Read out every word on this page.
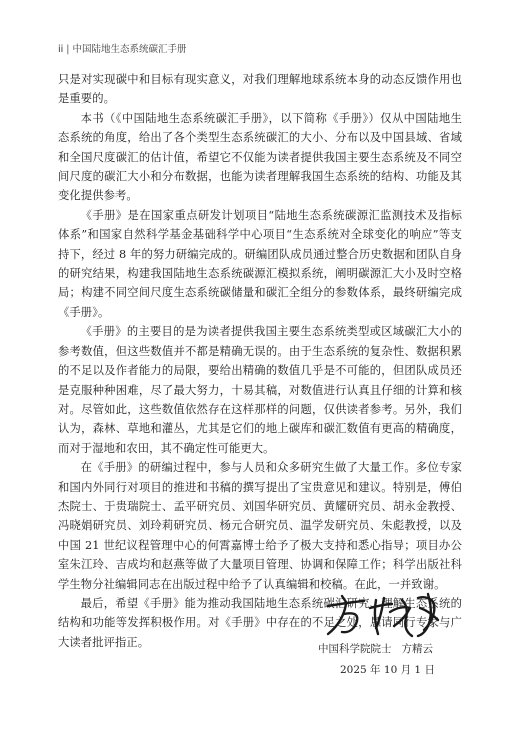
ii | 中国陆地生态系统碳汇手册

只是对实现碳中和目标有现实意义，对我们理解地球系统本身的动态反馈作用也是重要的。

本书（《中国陆地生态系统碳汇手册》，以下简称《手册》）仅从中国陆地生态系统的角度，给出了各个类型生态系统碳汇的大小、分布以及中国县域、省域和全国尺度碳汇的估计值，希望它不仅能为读者提供我国主要生态系统及不同空间尺度的碳汇大小和分布数据，也能为读者理解我国生态系统的结构、功能及其变化提供参考。

《手册》是在国家重点研发计划项目“陆地生态系统碳源汇监测技术及指标体系”和国家自然科学基金基础科学中心项目“生态系统对全球变化的响应”等支持下，经过 8 年的努力研编完成的。研编团队成员通过整合历史数据和团队自身的研究结果，构建我国陆地生态系统碳源汇模拟系统，阐明碳源汇大小及时空格局；构建不同空间尺度生态系统碳储量和碳汇全组分的参数体系，最终研编完成《手册》。

《手册》的主要目的是为读者提供我国主要生态系统类型或区域碳汇大小的参考数值，但这些数值并不都是精确无误的。由于生态系统的复杂性、数据积累的不足以及作者能力的局限，要给出精确的数值几乎是不可能的，但团队成员还是克服种种困难，尽了最大努力，十易其稿，对数值进行认真且仔细的计算和核对。尽管如此，这些数值依然存在这样那样的问题，仅供读者参考。另外，我们认为，森林、草地和灌丛，尤其是它们的地上碳库和碳汇数值有更高的精确度，而对于湿地和农田，其不确定性可能更大。

在《手册》的研编过程中，参与人员和众多研究生做了大量工作。多位专家和国内外同行对项目的推进和书稿的撰写提出了宝贵意见和建议。特别是，傅伯杰院士、于贵瑞院士、孟平研究员、刘国华研究员、黄耀研究员、胡永金教授、冯晓娟研究员、刘玲莉研究员、杨元合研究员、温学发研究员、朱彪教授，以及中国 21 世纪议程管理中心的何霄嘉博士给予了极大支持和悉心指导；项目办公室朱江玲、吉成均和赵燕等做了大量项目管理、协调和保障工作；科学出版社科学生物分社编辑同志在出版过程中给予了认真编辑和校稿。在此，一并致谢。

最后，希望《手册》能为推动我国陆地生态系统碳汇研究、理解生态系统的结构和功能等发挥积极作用。对《手册》中存在的不足之处，恳请同行专家与广大读者批评指正。

中国科学院院士 方精云
2025 年 10 月 1 日
